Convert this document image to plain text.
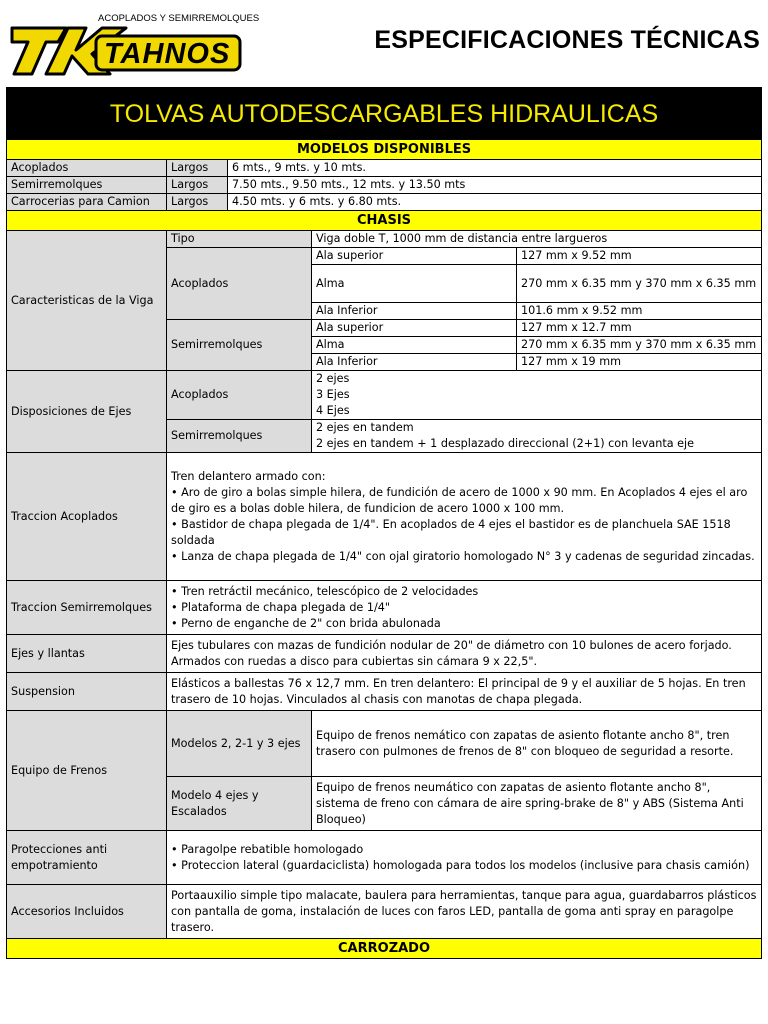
ACOPLADOS Y SEMIRREMOLQUES
TAHNOS	ESPECIFICACIONES TÉCNICAS
TOLVAS AUTODESCARGABLES HIDRAULICAS				
MODELOS DISPONIBLES				
Acoplados	Largos	6 mts., 9 mts. y 10 mts.		
Semirremolques	Largos	7.50 mts., 9.50 mts., 12 mts. y 13.50 mts		
Carrocerias para Camion	Largos	4.50 mts. y 6 mts. y 6.80 mts.		
CHASIS				
Caracteristicas de la Viga	Tipo		Viga doble T, 1000 mm de distancia entre largueros	
	Acoplados		Ala superior	127 mm x 9.52 mm
			Alma	270 mm x 6.35 mm y 370 mm x 6.35 mm
			Ala Inferior	101.6 mm x 9.52 mm
	Semirremolques		Ala superior	127 mm x 12.7 mm
			Alma	270 mm x 6.35 mm y 370 mm x 6.35 mm
			Ala Inferior	127 mm x 19 mm
Disposiciones de Ejes	Acoplados		2 ejes
3 Ejes
4 Ejes	

	Semirremolques		2 ejes en tandem
2 ejes en tandem + 1 desplazado direccional (2+1) con levanta eje	

Traccion Acoplados	Tren delantero armado con:
• Aro de giro a bolas simple hilera, de fundición de acero de 1000 x 90 mm. En Acoplados 4 ejes el aro de giro es a bolas doble hilera, de fundicion de acero 1000 x 100 mm.
• Bastidor de chapa plegada de 1/4". En acoplados de 4 ejes el bastidor es de planchuela SAE 1518 soldada
• Lanza de chapa plegada de 1/4" con ojal giratorio homologado N° 3 y cadenas de seguridad zincadas.			

Traccion Semirremolques	• Tren retráctil mecánico, telescópico de 2 velocidades
• Plataforma de chapa plegada de 1/4"
• Perno de enganche de 2" con brida abulonada			

Ejes y llantas	Ejes tubulares con mazas de fundición nodular de 20" de diámetro con 10 bulones de acero forjado. Armados con ruedas a disco para cubiertas sin cámara 9 x 22,5".			
Suspension	Elásticos a ballestas 76 x 12,7 mm. En tren delantero: El principal de 9 y el auxiliar de 5 hojas. En tren trasero de 10 hojas. Vinculados al chasis con manotas de chapa plegada.			
Equipo de Frenos	Modelos 2, 2-1 y 3 ejes		Equipo de frenos nemático con zapatas de asiento flotante ancho 8", tren trasero con pulmones de frenos de 8" con bloqueo de seguridad a resorte.	
	Modelo 4 ejes y Escalados		Equipo de frenos neumático con zapatas de asiento flotante ancho 8", sistema de freno con cámara de aire spring-brake de 8" y ABS (Sistema Anti Bloqueo)	
Protecciones anti empotramiento	• Paragolpe rebatible homologado
• Proteccion lateral (guardaciclista) homologada para todos los modelos (inclusive para chasis camión)			

Accesorios Incluidos	Portaauxilio simple tipo malacate, baulera para herramientas, tanque para agua, guardabarros plásticos con pantalla de goma, instalación de luces con faros LED, pantalla de goma anti spray en paragolpe trasero.			
CARROZADO				
